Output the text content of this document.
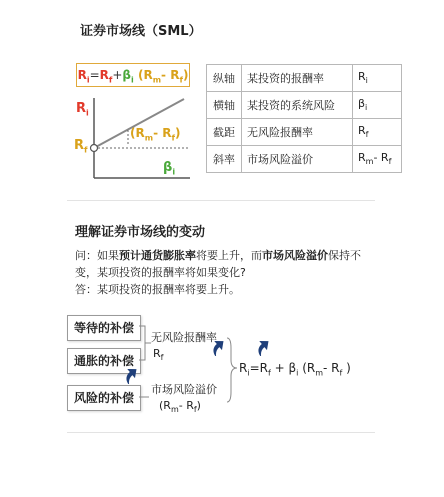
证券市场线（SML）
$R_i=R_f+\beta_i$ ($R_m-$ $R_f$)
$R_i$
$R_f$
($R_m-$ $R_f$)
$\beta_i$
纵轴	某投资的报酬率	$R_i$
横轴	某投资的系统风险	$\beta_i$
截距	无风险报酬率	$R_f$
斜率	市场风险溢价	$R_m-$ $R_f$
理解证券市场线的变动
问：如果预计通货膨胀率将要上升，而市场风险溢价保持不
变，某项投资的报酬率将如果变化?
答：某项投资的报酬率将要上升。
等待的补偿
通胀的补偿
风险的补偿
无风险报酬率
$R_f$
市场风险溢价
($R_m-$ $R_f$)
$R_i=R_f + \beta_i$ ($R_m-$ $R_f$ )
